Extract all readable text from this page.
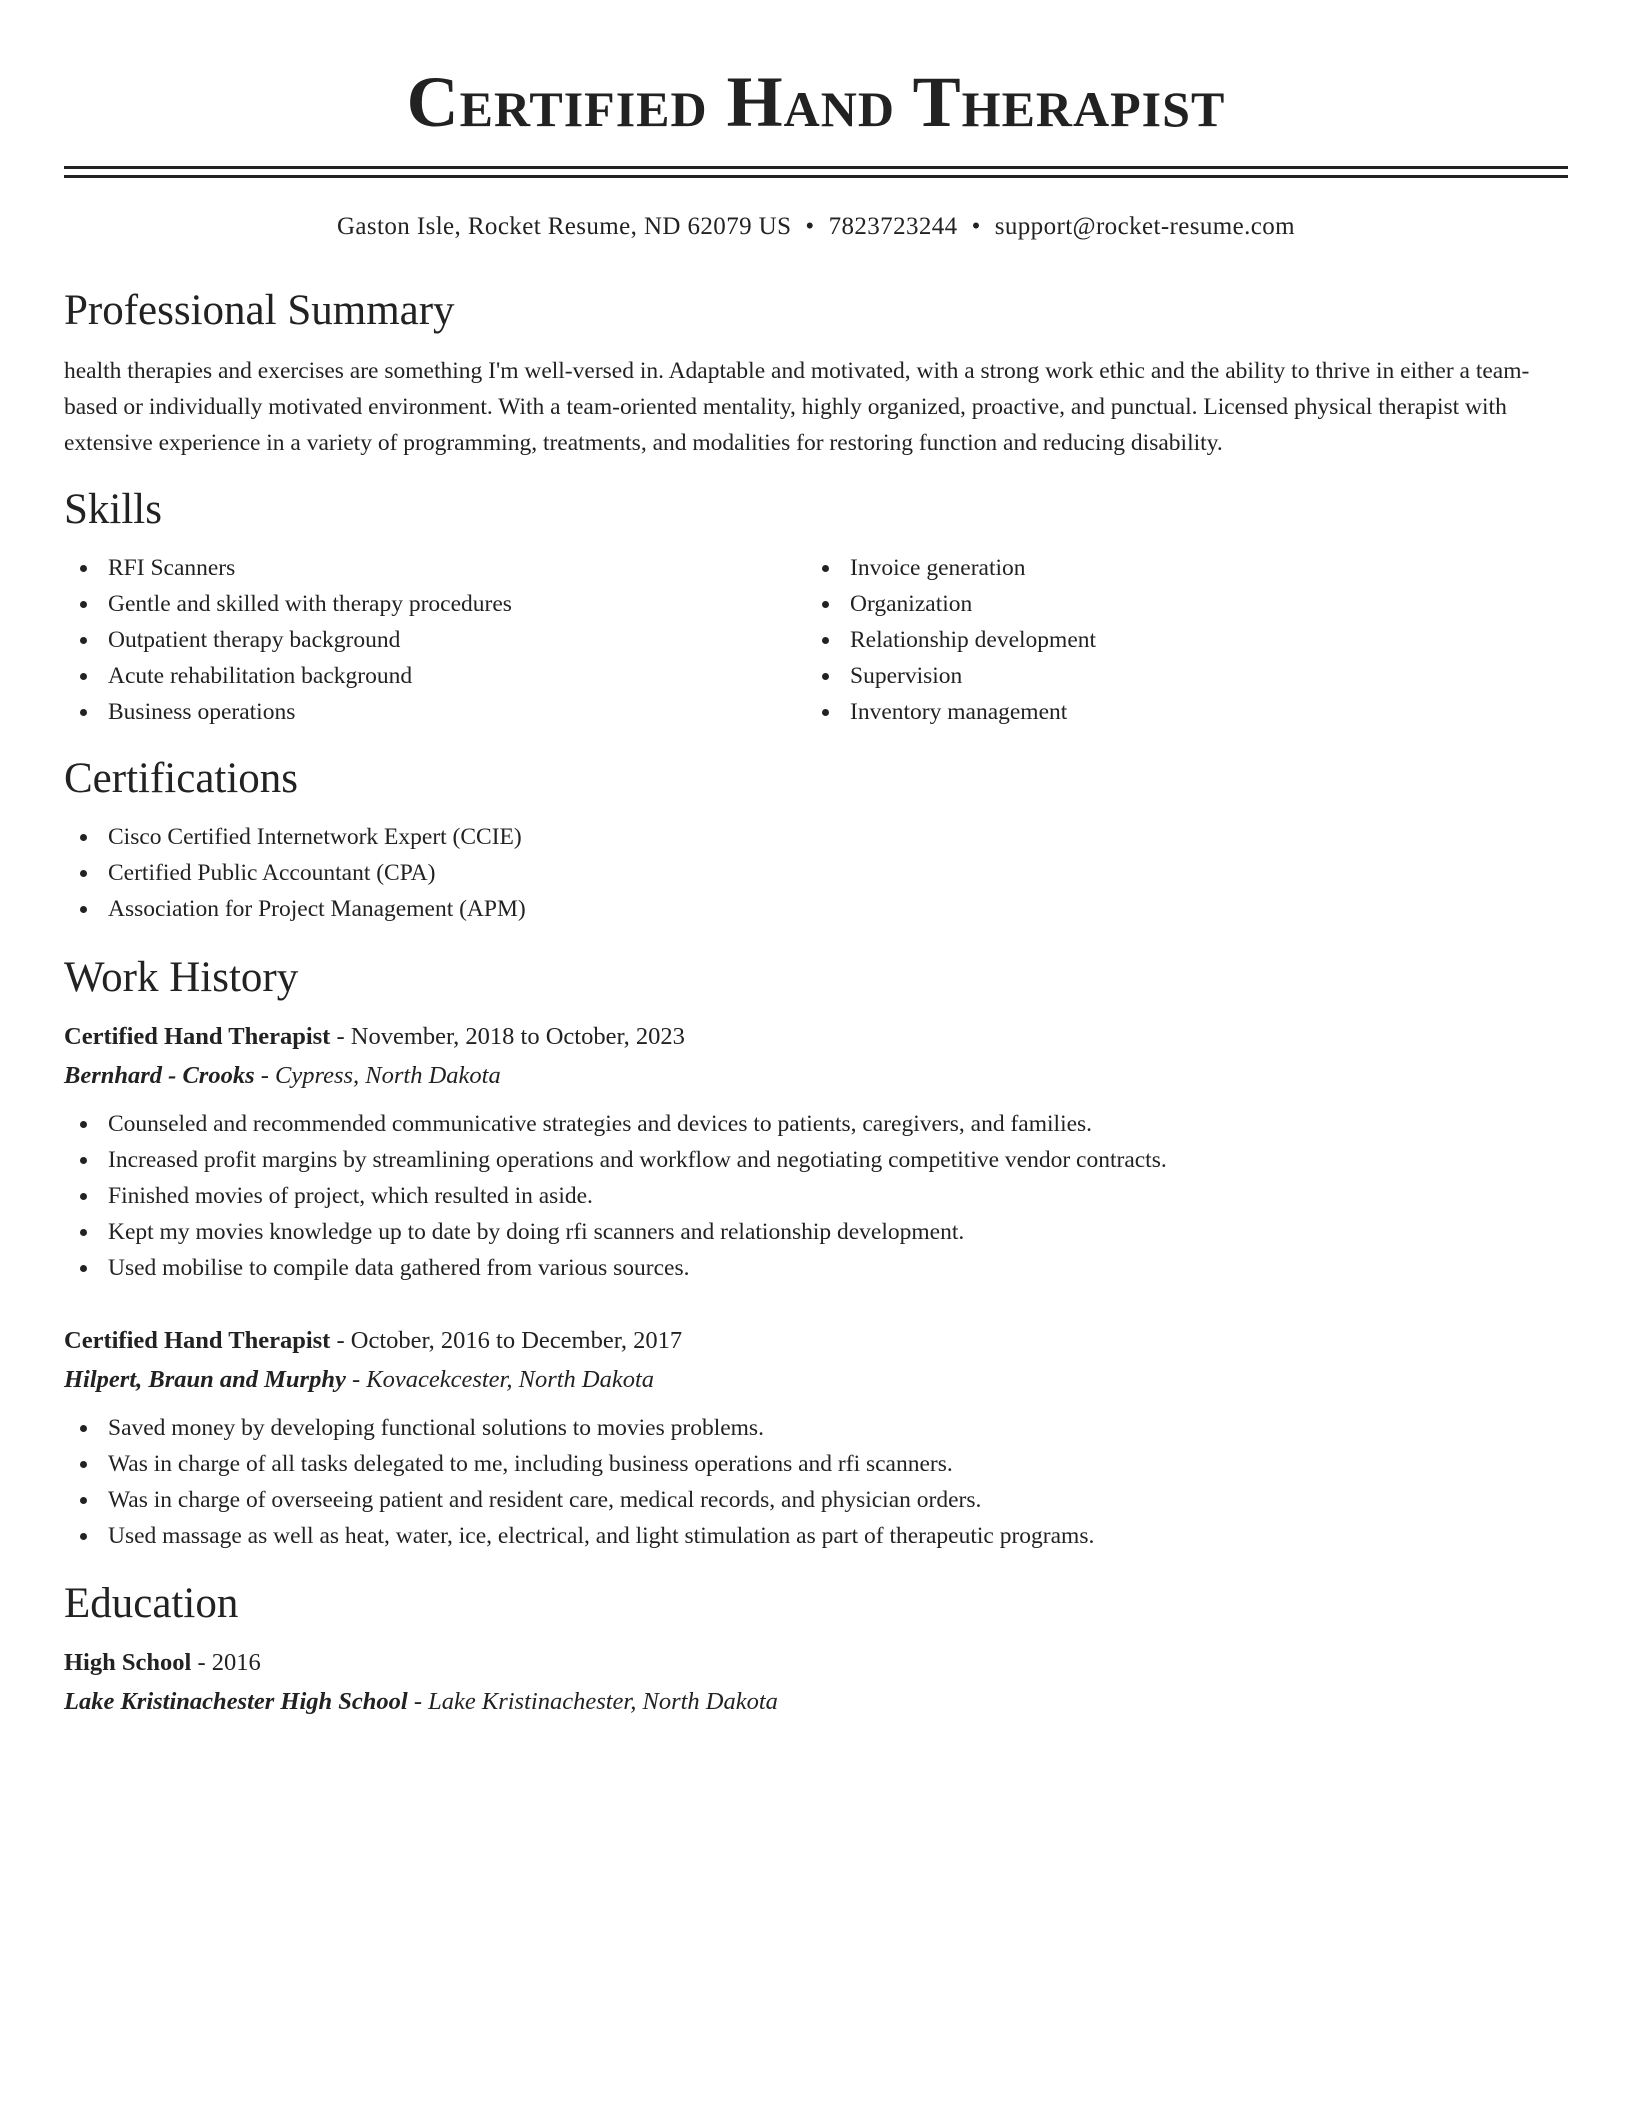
Certified Hand Therapist
Gaston Isle, Rocket Resume, ND 62079 US • 7823723244 • support@rocket-resume.com
Professional Summary

health therapies and exercises are something I'm well-versed in. Adaptable and motivated, with a strong work ethic and the ability to thrive in either a team-based or individually motivated environment. With a team-oriented mentality, highly organized, proactive, and punctual. Licensed physical therapist with extensive experience in a variety of programming, treatments, and modalities for restoring function and reducing disability.

Skills
RFI Scanners
Gentle and skilled with therapy procedures
Outpatient therapy background
Acute rehabilitation background
Business operations
Invoice generation
Organization
Relationship development
Supervision
Inventory management
Certifications
Cisco Certified Internetwork Expert (CCIE)
Certified Public Accountant (CPA)
Association for Project Management (APM)
Work History
Certified Hand Therapist - November, 2018 to October, 2023
Bernhard - Crooks - Cypress, North Dakota
Counseled and recommended communicative strategies and devices to patients, caregivers, and families.
Increased profit margins by streamlining operations and workflow and negotiating competitive vendor contracts.
Finished movies of project, which resulted in aside.
Kept my movies knowledge up to date by doing rfi scanners and relationship development.
Used mobilise to compile data gathered from various sources.
Certified Hand Therapist - October, 2016 to December, 2017
Hilpert, Braun and Murphy - Kovacekcester, North Dakota
Saved money by developing functional solutions to movies problems.
Was in charge of all tasks delegated to me, including business operations and rfi scanners.
Was in charge of overseeing patient and resident care, medical records, and physician orders.
Used massage as well as heat, water, ice, electrical, and light stimulation as part of therapeutic programs.
Education
High School - 2016
Lake Kristinachester High School - Lake Kristinachester, North Dakota
